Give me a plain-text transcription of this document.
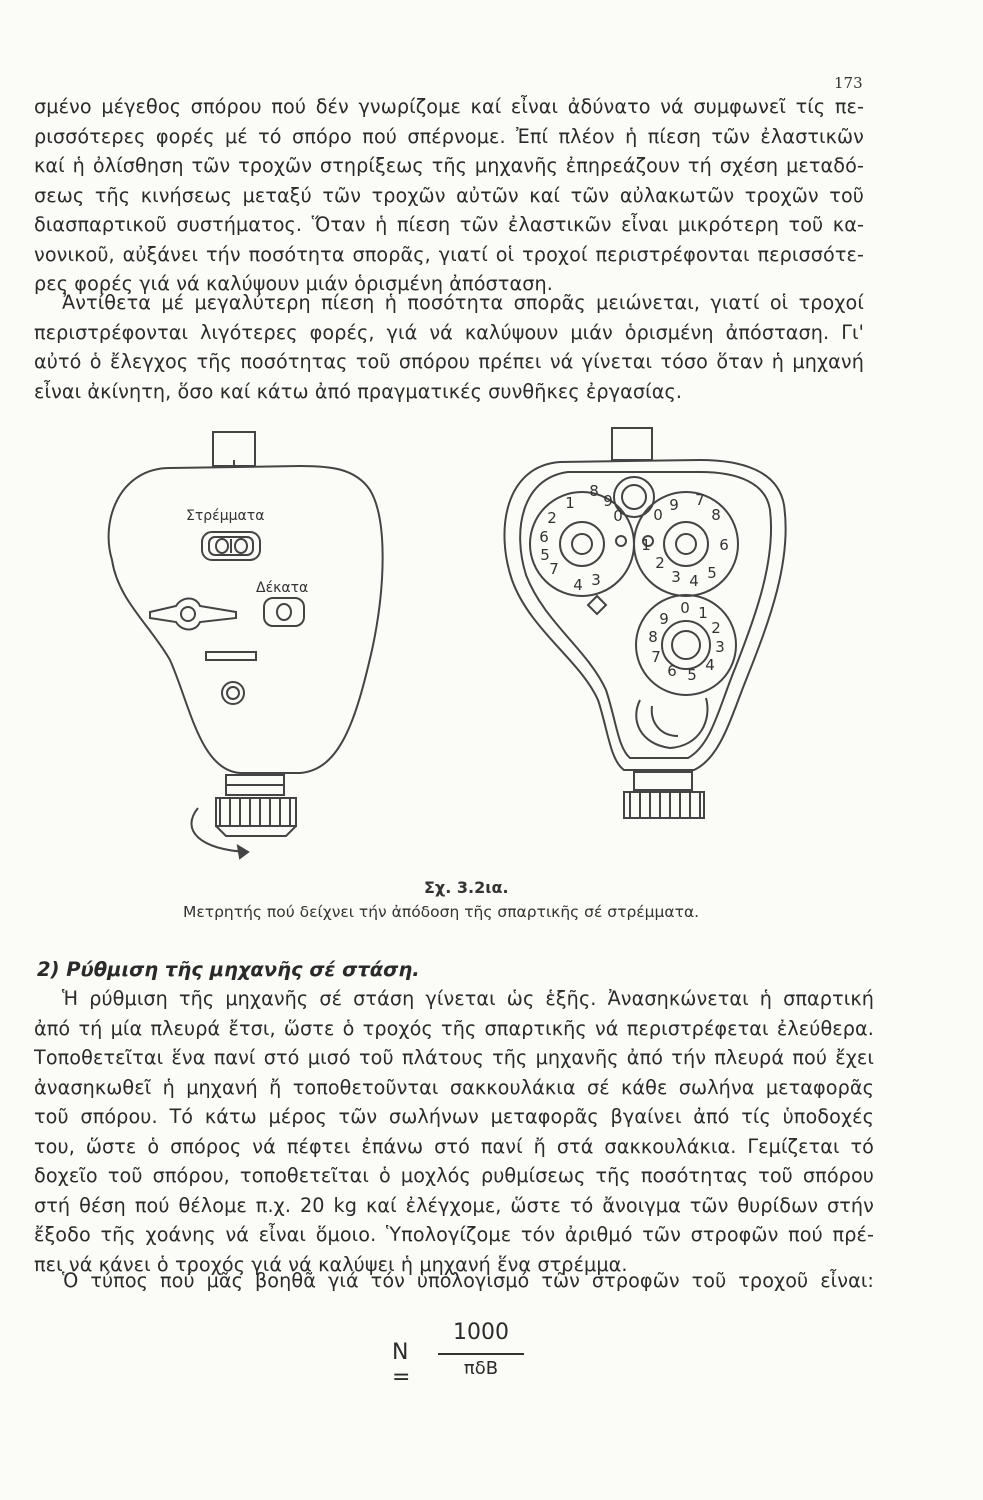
173
σμένο μέγεθος σπόρου πού δέν γνωρίζομε καί εἶναι ἀδύνατο νά συμφωνεῖ τίς πε-
ρισσότερες φορές μέ τό σπόρο πού σπέρνομε. Ἐπί πλέον ἡ πίεση τῶν ἐλαστικῶν
καί ἡ ὀλίσθηση τῶν τροχῶν στηρίξεως τῆς μηχανῆς ἐπηρεάζουν τή σχέση μεταδό-
σεως τῆς κινήσεως μεταξύ τῶν τροχῶν αὐτῶν καί τῶν αὐλακωτῶν τροχῶν τοῦ
διασπαρτικοῦ συστήματος. Ὅταν ἡ πίεση τῶν ἐλαστικῶν εἶναι μικρότερη τοῦ κα-
νονικοῦ, αὐξάνει τήν ποσότητα σπορᾶς, γιατί οἱ τροχοί περιστρέφονται περισσότε-
ρες φορές γιά νά καλύψουν μιάν ὁρισμένη ἀπόσταση.
Ἀντίθετα μέ μεγαλύτερη πίεση ἡ ποσότητα σπορᾶς μειώνεται, γιατί οἱ τροχοί
περιστρέφονται λιγότερες φορές, γιά νά καλύψουν μιάν ὁρισμένη ἀπόσταση. Γι'
αὐτό ὁ ἔλεγχος τῆς ποσότητας τοῦ σπόρου πρέπει νά γίνεται τόσο ὅταν ἡ μηχανή
εἶναι ἀκίνητη, ὅσο καί κάτω ἀπό πραγματικές συνθῆκες ἐργασίας.
Στρέμματα
Δέκατα
7
8
9
0
1
2
3
4
5
6
9
0
7
6
5
4
3
2
1
8
0 1
2
3
4
5
6
7
8
9
Σχ. 3.2ια.
Μετρητής πού δείχνει τήν ἀπόδοση τῆς σπαρτικῆς σέ στρέμματα.
2) Ρύθμιση τῆς μηχανῆς σέ στάση.
Ἡ ρύθμιση τῆς μηχανῆς σέ στάση γίνεται ὡς ἑξῆς. Ἀνασηκώνεται ἡ σπαρτική
ἀπό τή μία πλευρά ἔτσι, ὥστε ὁ τροχός τῆς σπαρτικῆς νά περιστρέφεται ἐλεύθερα.
Τοποθετεῖται ἕνα πανί στό μισό τοῦ πλάτους τῆς μηχανῆς ἀπό τήν πλευρά πού ἔχει
ἀνασηκωθεῖ ἡ μηχανή ἤ τοποθετοῦνται σακκουλάκια σέ κάθε σωλήνα μεταφορᾶς
τοῦ σπόρου. Τό κάτω μέρος τῶν σωλήνων μεταφορᾶς βγαίνει ἀπό τίς ὑποδοχές
του, ὥστε ὁ σπόρος νά πέφτει ἐπάνω στό πανί ἤ στά σακκουλάκια. Γεμίζεται τό
δοχεῖο τοῦ σπόρου, τοποθετεῖται ὁ μοχλός ρυθμίσεως τῆς ποσότητας τοῦ σπόρου
στή θέση πού θέλομε π.χ. 20 kg καί ἐλέγχομε, ὥστε τό ἄνοιγμα τῶν θυρίδων στήν
ἔξοδο τῆς χοάνης νά εἶναι ὅμοιο. Ὑπολογίζομε τόν ἀριθμό τῶν στροφῶν πού πρέ-
πει νά κάνει ὁ τροχός γιά νά καλύψει ἡ μηχανή ἕνα στρέμμα.
Ὁ τύπος πού μᾶς βοηθᾶ γιά τόν ὑπολογισμό τῶν στροφῶν τοῦ τροχοῦ εἶναι:
N =
1000
πδB
